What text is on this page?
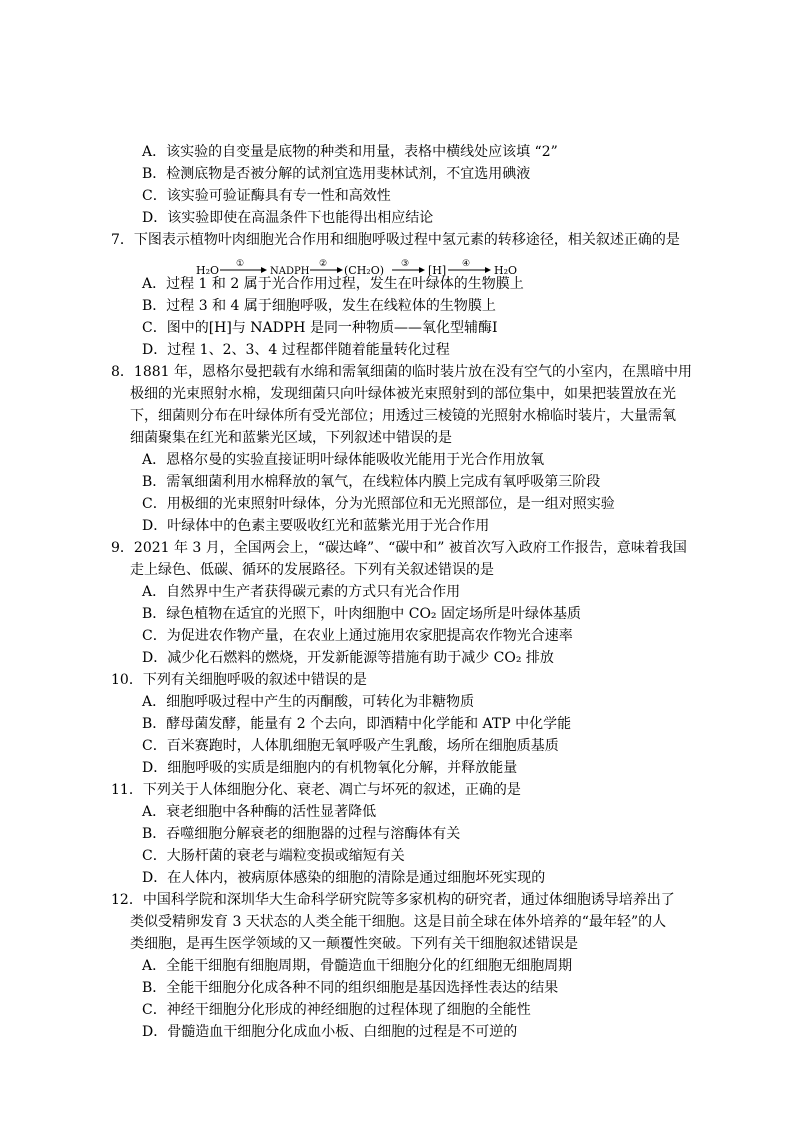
A．该实验的自变量是底物的种类和用量，表格中横线处应该填 “2”
B．检测底物是否被分解的试剂宜选用斐林试剂，不宜选用碘液
C．该实验可验证酶具有专一性和高效性
D．该实验即使在高温条件下也能得出相应结论
7．下图表示植物叶肉细胞光合作用和细胞呼吸过程中氢元素的转移途径，相关叙述正确的是
H₂O ①
NADPH
② (CH₂O) ③ [H] ④ H₂O
A．过程 1 和 2 属于光合作用过程，发生在叶绿体的生物膜上
B．过程 3 和 4 属于细胞呼吸，发生在线粒体的生物膜上
C．图中的[H]与 NADPH 是同一种物质——氧化型辅酶Ⅰ
D．过程 1、2、3、4 过程都伴随着能量转化过程
8．1881 年，恩格尔曼把载有水绵和需氧细菌的临时装片放在没有空气的小室内，在黑暗中用
极细的光束照射水棉，发现细菌只向叶绿体被光束照射到的部位集中，如果把装置放在光
下，细菌则分布在叶绿体所有受光部位；用透过三棱镜的光照射水棉临时装片，大量需氧
细菌聚集在红光和蓝紫光区域，下列叙述中错误的是
A．恩格尔曼的实验直接证明叶绿体能吸收光能用于光合作用放氧
B．需氧细菌利用水棉释放的氧气，在线粒体内膜上完成有氧呼吸第三阶段
C．用极细的光束照射叶绿体，分为光照部位和无光照部位，是一组对照实验
D．叶绿体中的色素主要吸收红光和蓝紫光用于光合作用
9．2021 年 3 月，全国两会上，“碳达峰”、“碳中和” 被首次写入政府工作报告，意味着我国
走上绿色、低碳、循环的发展路径。下列有关叙述错误的是
A．自然界中生产者获得碳元素的方式只有光合作用
B．绿色植物在适宜的光照下，叶肉细胞中 CO₂ 固定场所是叶绿体基质
C．为促进农作物产量，在农业上通过施用农家肥提高农作物光合速率
D．减少化石燃料的燃烧，开发新能源等措施有助于减少 CO₂ 排放
10．下列有关细胞呼吸的叙述中错误的是
A．细胞呼吸过程中产生的丙酮酸，可转化为非糖物质
B．酵母菌发酵，能量有 2 个去向，即酒精中化学能和 ATP 中化学能
C．百米赛跑时，人体肌细胞无氧呼吸产生乳酸，场所在细胞质基质
D．细胞呼吸的实质是细胞内的有机物氧化分解，并释放能量
11．下列关于人体细胞分化、衰老、凋亡与坏死的叙述，正确的是
A．衰老细胞中各种酶的活性显著降低
B．吞噬细胞分解衰老的细胞器的过程与溶酶体有关
C．大肠杆菌的衰老与端粒变损或缩短有关
D．在人体内，被病原体感染的细胞的清除是通过细胞坏死实现的
12．中国科学院和深圳华大生命科学研究院等多家机构的研究者，通过体细胞诱导培养出了
类似受精卵发育 3 天状态的人类全能干细胞。这是目前全球在体外培养的“最年轻”的人
类细胞，是再生医学领域的又一颠覆性突破。下列有关干细胞叙述错误是
A．全能干细胞有细胞周期，骨髓造血干细胞分化的红细胞无细胞周期
B．全能干细胞分化成各种不同的组织细胞是基因选择性表达的结果
C．神经干细胞分化形成的神经细胞的过程体现了细胞的全能性
D．骨髓造血干细胞分化成血小板、白细胞的过程是不可逆的
